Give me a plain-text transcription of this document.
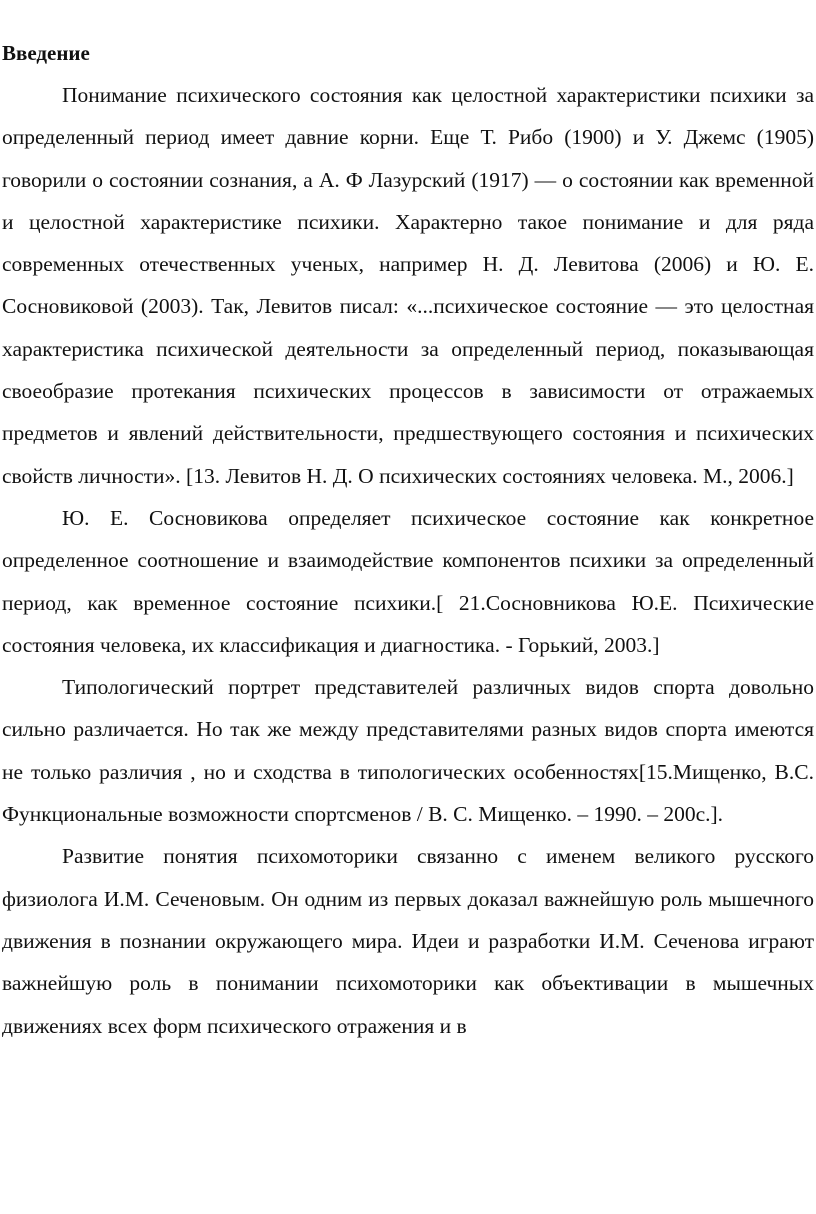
Введение

Понимание психического состояния как целостной характеристики психики за определенный период имеет давние корни. Еще Т. Рибо (1900) и У. Джемс (1905) говорили о состоянии сознания, а А. Ф Лазурский (1917) — о состоянии как временной и целостной характеристике психики. Характерно такое понимание и для ряда современных отечественных ученых, например Н. Д. Левитова (2006) и Ю. Е. Сосновиковой (2003). Так, Левитов писал: «...психическое состояние — это целостная характеристика психической деятельности за определенный период, показывающая своеобразие протекания психических процессов в зависимости от отражаемых предметов и явлений действительности, предшествующего состояния и психических свойств личности». [13. Левитов Н. Д. О психических состояниях человека. М., 2006.]

Ю. Е. Сосновикова определяет психическое состояние как конкретное определенное соотношение и взаимодействие компонентов психики за определенный период, как временное состояние психики.[ 21.Сосновникова Ю.Е. Психические состояния человека, их классификация и диагностика. - Горький, 2003.]

Типологический портрет представителей различных видов спорта довольно сильно различается. Но так же между представителями разных видов спорта имеются не только различия , но и сходства в типологических особенностях[15.Мищенко, В.С. Функциональные возможности спортсменов / В. С. Мищенко. – 1990. – 200с.].

Развитие понятия психомоторики связанно с именем великого русского физиолога И.М. Сеченовым. Он одним из первых доказал важнейшую роль мышечного движения в познании окружающего мира. Идеи и разработки И.М. Сеченова играют важнейшую роль в понимании психомоторики как объективации в мышечных движениях всех форм психического отражения и в
